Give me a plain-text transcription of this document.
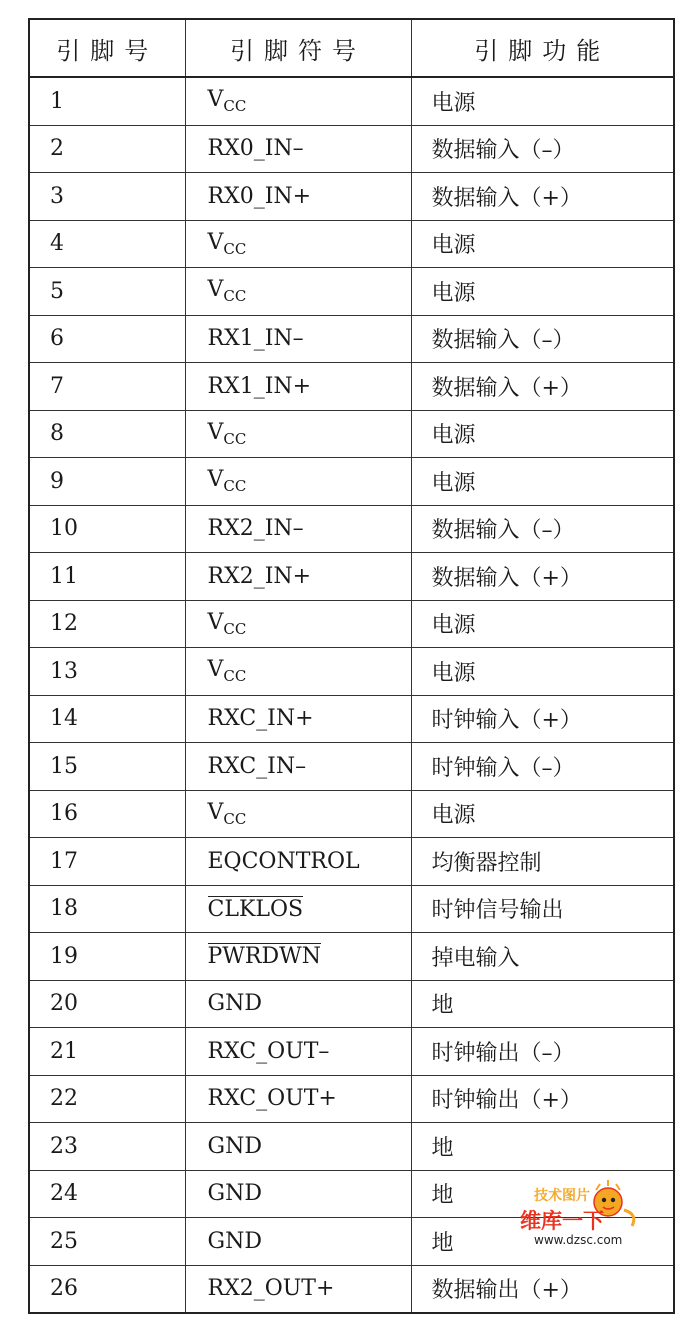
引脚号	引脚符号	引脚功能
1	$V_{CC}$	电源
2	RX0_IN–	数据输入（–）
3	RX0_IN+	数据输入（+）
4	$V_{CC}$	电源
5	$V_{CC}$	电源
6	RX1_IN–	数据输入（–）
7	RX1_IN+	数据输入（+）
8	$V_{CC}$	电源
9	$V_{CC}$	电源
10	RX2_IN–	数据输入（–）
11	RX2_IN+	数据输入（+）
12	$V_{CC}$	电源
13	$V_{CC}$	电源
14	RXC_IN+	时钟输入（+）
15	RXC_IN–	时钟输入（–）
16	$V_{CC}$	电源
17	EQCONTROL	均衡器控制
18	CLKLOS	时钟信号输出
19	PWRDWN	掉电输入
20	GND	地
21	RXC_OUT–	时钟输出（–）
22	RXC_OUT+	时钟输出（+）
23	GND	地
24	GND	地
25	GND	地
26	RX2_OUT+	数据输出（+）
技术图片
维库一下
www.dzsc.com
